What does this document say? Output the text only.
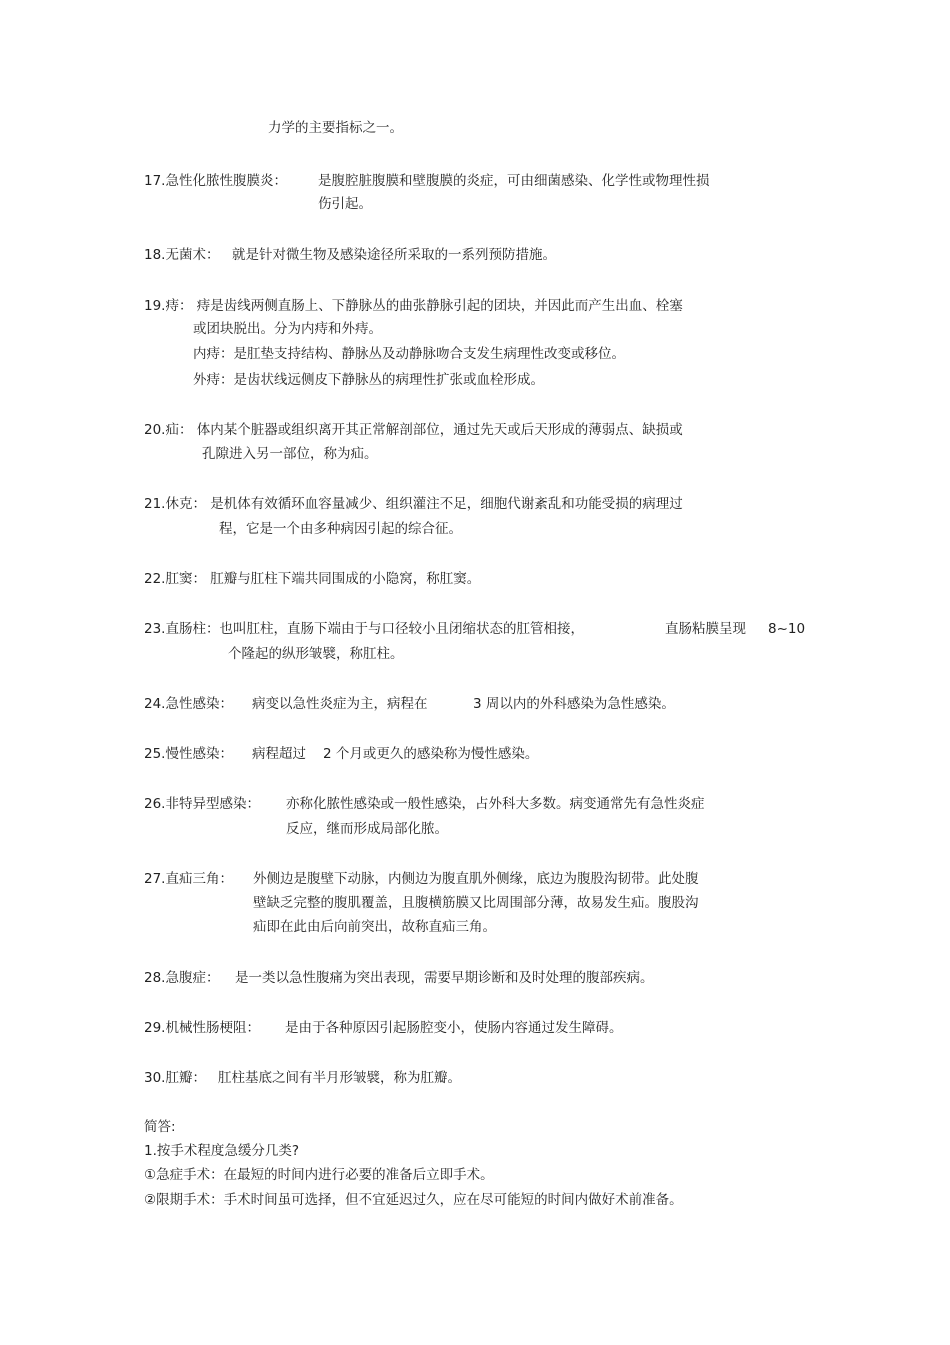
力学的主要指标之一。
17.急性化脓性腹膜炎： 是腹腔脏腹膜和壁腹膜的炎症，可由细菌感染、化学性或物理性损
伤引起。
18.无菌术： 就是针对微生物及感染途径所采取的一系列预防措施。
19.痔： 痔是齿线两侧直肠上、下静脉丛的曲张静脉引起的团块，并因此而产生出血、栓塞
或团块脱出。分为内痔和外痔。
内痔：是肛垫支持结构、静脉丛及动静脉吻合支发生病理性改变或移位。
外痔：是齿状线远侧皮下静脉丛的病理性扩张或血栓形成。
20.疝： 体内某个脏器或组织离开其正常解剖部位，通过先天或后天形成的薄弱点、缺损或
孔隙进入另一部位，称为疝。
21.休克： 是机体有效循环血容量减少、组织灌注不足，细胞代谢紊乱和功能受损的病理过
程，它是一个由多种病因引起的综合征。
22.肛窦： 肛瓣与肛柱下端共同围成的小隐窝，称肛窦。
23.直肠柱：也叫肛柱，直肠下端由于与口径较小且闭缩状态的肛管相接，	直肠粘膜呈现 8~10
个隆起的纵形皱襞，称肛柱。
24.急性感染： 病变以急性炎症为主，病程在	3 周以内的外科感染为急性感染。
25.慢性感染： 病程超过 2 个月或更久的感染称为慢性感染。
26.非特异型感染： 亦称化脓性感染或一般性感染，占外科大多数。病变通常先有急性炎症
反应，继而形成局部化脓。
27.直疝三角： 外侧边是腹壁下动脉，内侧边为腹直肌外侧缘，底边为腹股沟韧带。此处腹
壁缺乏完整的腹肌覆盖，且腹横筋膜又比周围部分薄，故易发生疝。腹股沟
疝即在此由后向前突出，故称直疝三角。
28.急腹症： 是一类以急性腹痛为突出表现，需要早期诊断和及时处理的腹部疾病。
29.机械性肠梗阻： 是由于各种原因引起肠腔变小，使肠内容通过发生障碍。
30.肛瓣： 肛柱基底之间有半月形皱襞，称为肛瓣。
简答:
1.按手术程度急缓分几类?
①急症手术：在最短的时间内进行必要的准备后立即手术。
②限期手术：手术时间虽可选择，但不宜延迟过久，应在尽可能短的时间内做好术前准备。
